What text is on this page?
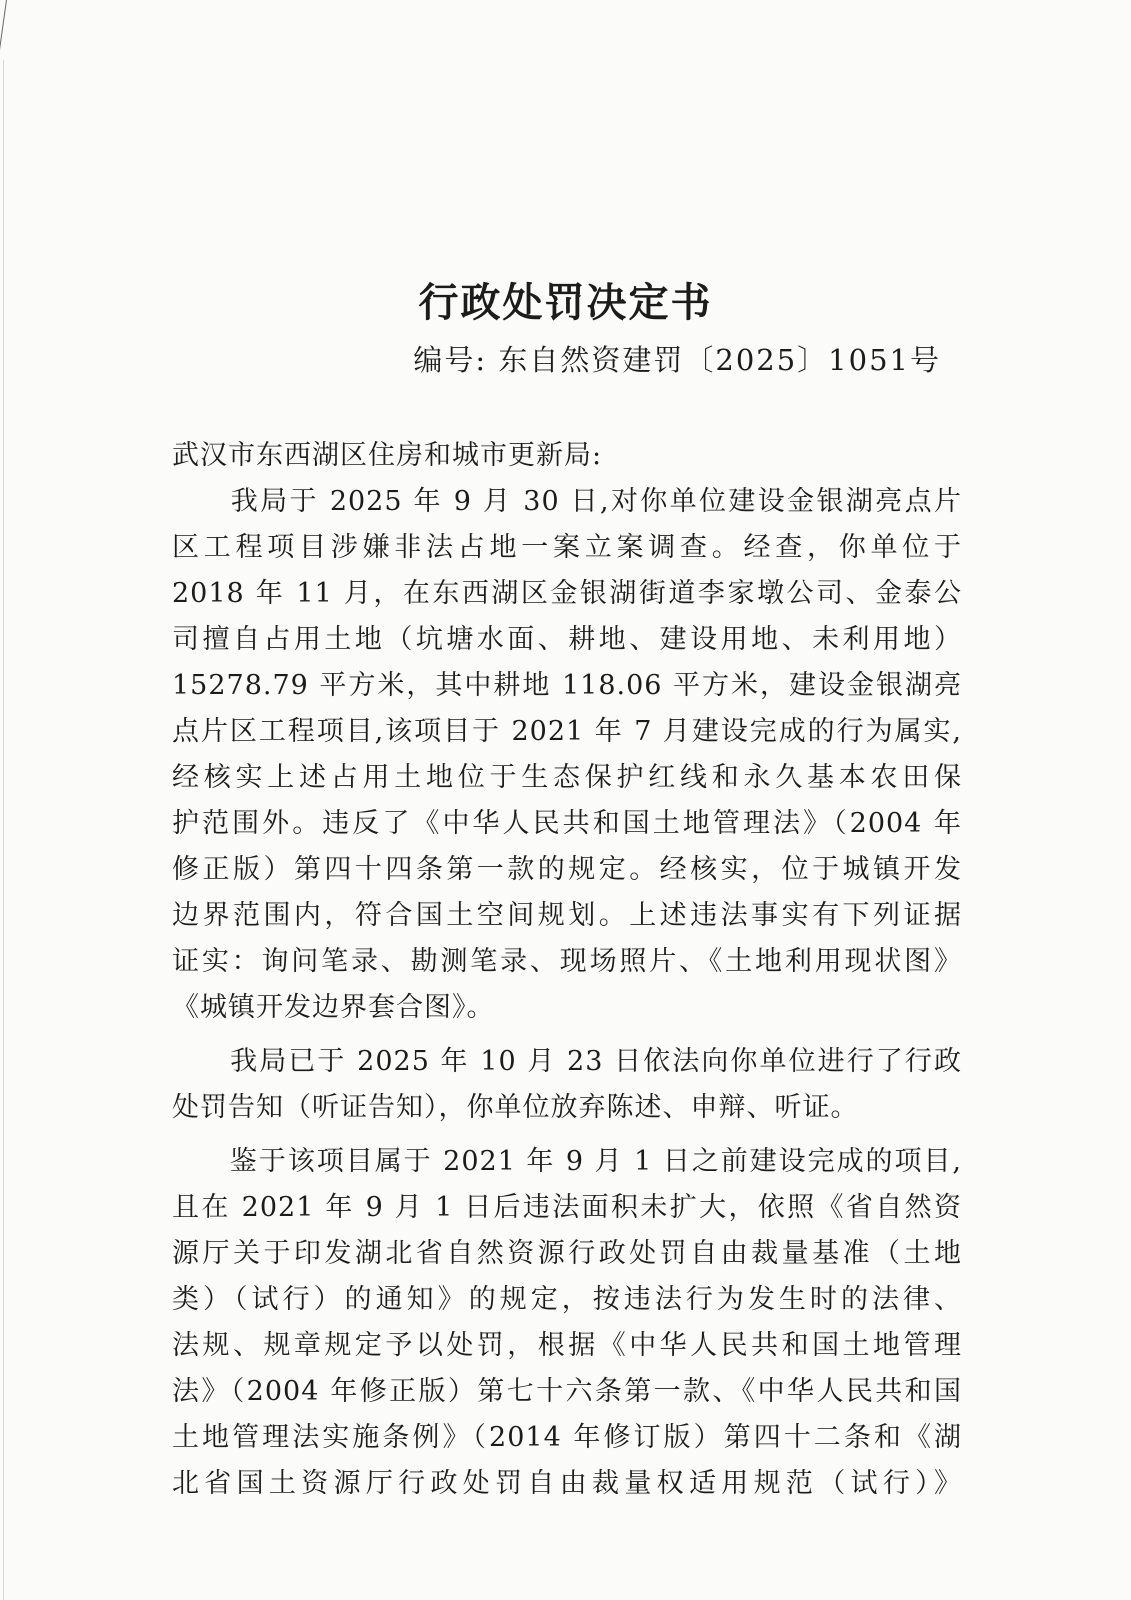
行政处罚决定书
编号: 东自然资建罚〔2025〕1051号
武汉市东西湖区住房和城市更新局:
　　我局于 2025 年 9 月 30 日,对你单位建设金银湖亮点片
区工程项目涉嫌非法占地一案立案调查。经查，你单位于
2018 年 11 月，在东西湖区金银湖街道李家墩公司、金泰公
司擅自占用土地（坑塘水面、耕地、建设用地、未利用地）
15278.79 平方米，其中耕地 118.06 平方米，建设金银湖亮
点片区工程项目,该项目于 2021 年 7 月建设完成的行为属实,
经核实上述占用土地位于生态保护红线和永久基本农田保
护范围外。违反了《中华人民共和国土地管理法》（2004 年
修正版）第四十四条第一款的规定。经核实，位于城镇开发
边界范围内，符合国土空间规划。上述违法事实有下列证据
证实：询问笔录、勘测笔录、现场照片、《土地利用现状图》
《城镇开发边界套合图》。
　　我局已于 2025 年 10 月 23 日依法向你单位进行了行政
处罚告知（听证告知），你单位放弃陈述、申辩、听证。
　　鉴于该项目属于 2021 年 9 月 1 日之前建设完成的项目,
且在 2021 年 9 月 1 日后违法面积未扩大，依照《省自然资
源厅关于印发湖北省自然资源行政处罚自由裁量基准（土地
类）（试行）的通知》的规定，按违法行为发生时的法律、
法规、规章规定予以处罚，根据《中华人民共和国土地管理
法》（2004 年修正版）第七十六条第一款、《中华人民共和国
土地管理法实施条例》（2014 年修订版）第四十二条和《湖
北省国土资源厅行政处罚自由裁量权适用规范（试行）》
